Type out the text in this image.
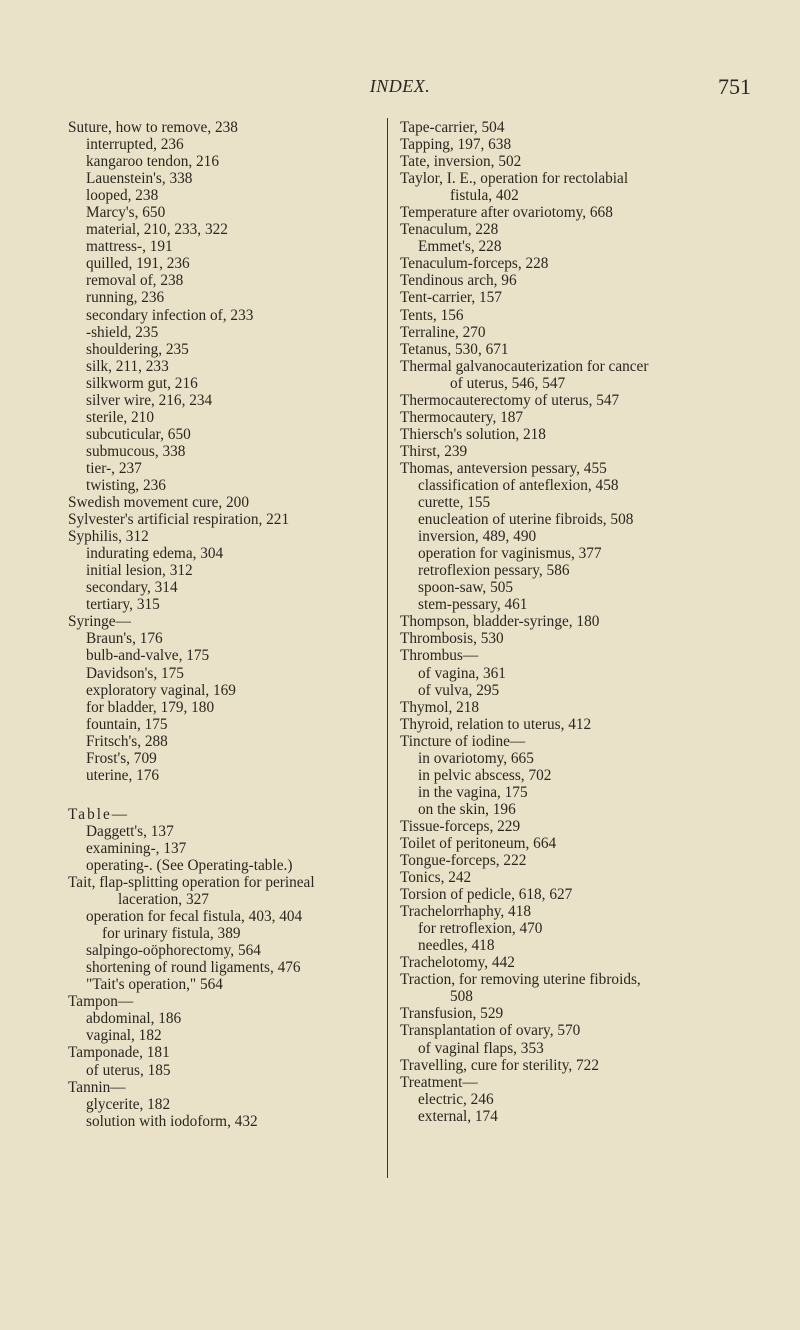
INDEX.	751
Suture, how to remove, 238
interrupted, 236
kangaroo tendon, 216
Lauenstein's, 338
looped, 238
Marcy's, 650
material, 210, 233, 322
mattress-, 191
quilled, 191, 236
removal of, 238
running, 236
secondary infection of, 233
-shield, 235
shouldering, 235
silk, 211, 233
silkworm gut, 216
silver wire, 216, 234
sterile, 210
subcuticular, 650
submucous, 338
tier-, 237
twisting, 236
Swedish movement cure, 200
Sylvester's artificial respiration, 221
Syphilis, 312
indurating edema, 304
initial lesion, 312
secondary, 314
tertiary, 315
Syringe—
Braun's, 176
bulb-and-valve, 175
Davidson's, 175
exploratory vaginal, 169
for bladder, 179, 180
fountain, 175
Fritsch's, 288
Frost's, 709
uterine, 176
Table—
Daggett's, 137
examining-, 137
operating-. (See Operating-table.)
Tait, flap-splitting operation for perineal
laceration, 327
operation for fecal fistula, 403, 404
for urinary fistula, 389
salpingo-oöphorectomy, 564
shortening of round ligaments, 476
"Tait's operation," 564
Tampon—
abdominal, 186
vaginal, 182
Tamponade, 181
of uterus, 185
Tannin—
glycerite, 182
solution with iodoform, 432
Tape-carrier, 504
Tapping, 197, 638
Tate, inversion, 502
Taylor, I. E., operation for rectolabial
fistula, 402
Temperature after ovariotomy, 668
Tenaculum, 228
Emmet's, 228
Tenaculum-forceps, 228
Tendinous arch, 96
Tent-carrier, 157
Tents, 156
Terraline, 270
Tetanus, 530, 671
Thermal galvanocauterization for cancer
of uterus, 546, 547
Thermocauterectomy of uterus, 547
Thermocautery, 187
Thiersch's solution, 218
Thirst, 239
Thomas, anteversion pessary, 455
classification of anteflexion, 458
curette, 155
enucleation of uterine fibroids, 508
inversion, 489, 490
operation for vaginismus, 377
retroflexion pessary, 586
spoon-saw, 505
stem-pessary, 461
Thompson, bladder-syringe, 180
Thrombosis, 530
Thrombus—
of vagina, 361
of vulva, 295
Thymol, 218
Thyroid, relation to uterus, 412
Tincture of iodine—
in ovariotomy, 665
in pelvic abscess, 702
in the vagina, 175
on the skin, 196
Tissue-forceps, 229
Toilet of peritoneum, 664
Tongue-forceps, 222
Tonics, 242
Torsion of pedicle, 618, 627
Trachelorrhaphy, 418
for retroflexion, 470
needles, 418
Trachelotomy, 442
Traction, for removing uterine fibroids,
508
Transfusion, 529
Transplantation of ovary, 570
of vaginal flaps, 353
Travelling, cure for sterility, 722
Treatment—
electric, 246
external, 174
